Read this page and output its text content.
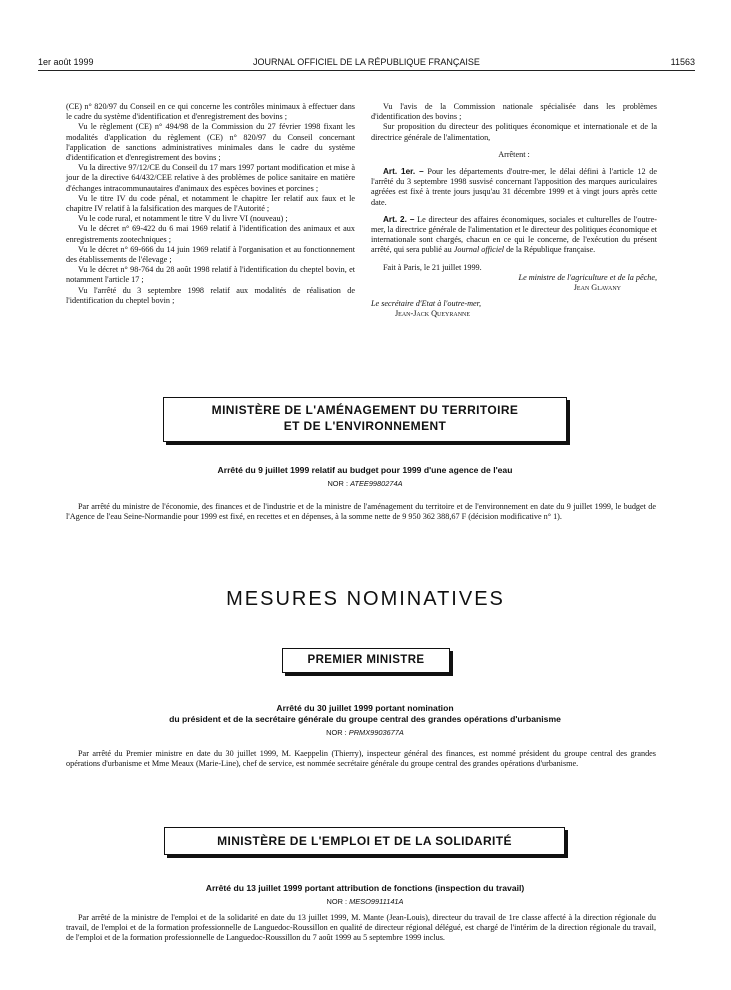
1er août 1999	JOURNAL OFFICIEL DE LA RÉPUBLIQUE FRANÇAISE	11563

(CE) n° 820/97 du Conseil en ce qui concerne les contrôles minimaux à effectuer dans le cadre du système d'identification et d'enregistrement des bovins ;

Vu le règlement (CE) n° 494/98 de la Commission du 27 février 1998 fixant les modalités d'application du règlement (CE) n° 820/97 du Conseil concernant l'application de sanctions administratives minimales dans le cadre du système d'identification et d'enregistrement des bovins ;

Vu la directive 97/12/CE du Conseil du 17 mars 1997 portant modification et mise à jour de la directive 64/432/CEE relative à des problèmes de police sanitaire en matière d'échanges intracommunautaires d'animaux des espèces bovines et porcines ;

Vu le titre IV du code pénal, et notamment le chapitre Ier relatif aux faux et le chapitre IV relatif à la falsification des marques de l'Autorité ;

Vu le code rural, et notamment le titre V du livre VI (nouveau) ;

Vu le décret n° 69-422 du 6 mai 1969 relatif à l'identification des animaux et aux enregistrements zootechniques ;

Vu le décret n° 69-666 du 14 juin 1969 relatif à l'organisation et au fonctionnement des établissements de l'élevage ;

Vu le décret n° 98-764 du 28 août 1998 relatif à l'identification du cheptel bovin, et notamment l'article 17 ;

Vu l'arrêté du 3 septembre 1998 relatif aux modalités de réalisation de l'identification du cheptel bovin ;

Vu l'avis de la Commission nationale spécialisée dans les problèmes d'identification des bovins ;

Sur proposition du directeur des politiques économique et internationale et de la directrice générale de l'alimentation,

Arrêtent :

Art. 1er. – Pour les départements d'outre-mer, le délai défini à l'article 12 de l'arrêté du 3 septembre 1998 susvisé concernant l'apposition des marques auriculaires agréées est fixé à trente jours jusqu'au 31 décembre 1999 et à vingt jours après cette date.

Art. 2. – Le directeur des affaires économiques, sociales et culturelles de l'outre-mer, la directrice générale de l'alimentation et le directeur des politiques économique et internationale sont chargés, chacun en ce qui le concerne, de l'exécution du présent arrêté, qui sera publié au Journal officiel de la République française.

Fait à Paris, le 21 juillet 1999.

Le ministre de l'agriculture et de la pêche,

Jean Glavany

Le secrétaire d'Etat à l'outre-mer,

Jean-Jack Queyranne

MINISTÈRE DE L'AMÉNAGEMENT DU TERRITOIRE
ET DE L'ENVIRONNEMENT
Arrêté du 9 juillet 1999 relatif au budget pour 1999 d'une agence de l'eau
NOR : ATEE9980274A

Par arrêté du ministre de l'économie, des finances et de l'industrie et de la ministre de l'aménagement du territoire et de l'environnement en date du 9 juillet 1999, le budget de l'Agence de l'eau Seine-Normandie pour 1999 est fixé, en recettes et en dépenses, à la somme nette de 9 950 362 388,67 F (décision modificative n° 1).

MESURES NOMINATIVES
PREMIER MINISTRE
Arrêté du 30 juillet 1999 portant nomination
du président et de la secrétaire générale du groupe central des grandes opérations d'urbanisme
NOR : PRMX9903677A

Par arrêté du Premier ministre en date du 30 juillet 1999, M. Kaeppelin (Thierry), inspecteur général des finances, est nommé président du groupe central des grandes opérations d'urbanisme et Mme Meaux (Marie-Line), chef de service, est nommée secrétaire générale du groupe central des grandes opérations d'urbanisme.

MINISTÈRE DE L'EMPLOI ET DE LA SOLIDARITÉ
Arrêté du 13 juillet 1999 portant attribution de fonctions (inspection du travail)
NOR : MESO9911141A

Par arrêté de la ministre de l'emploi et de la solidarité en date du 13 juillet 1999, M. Mante (Jean-Louis), directeur du travail de 1re classe affecté à la direction régionale du travail, de l'emploi et de la formation professionnelle de Languedoc-Roussillon en qualité de directeur régional délégué, est chargé de l'intérim de la direction régionale du travail, de l'emploi et de la formation professionnelle de Languedoc-Roussillon du 7 août 1999 au 5 septembre 1999 inclus.
